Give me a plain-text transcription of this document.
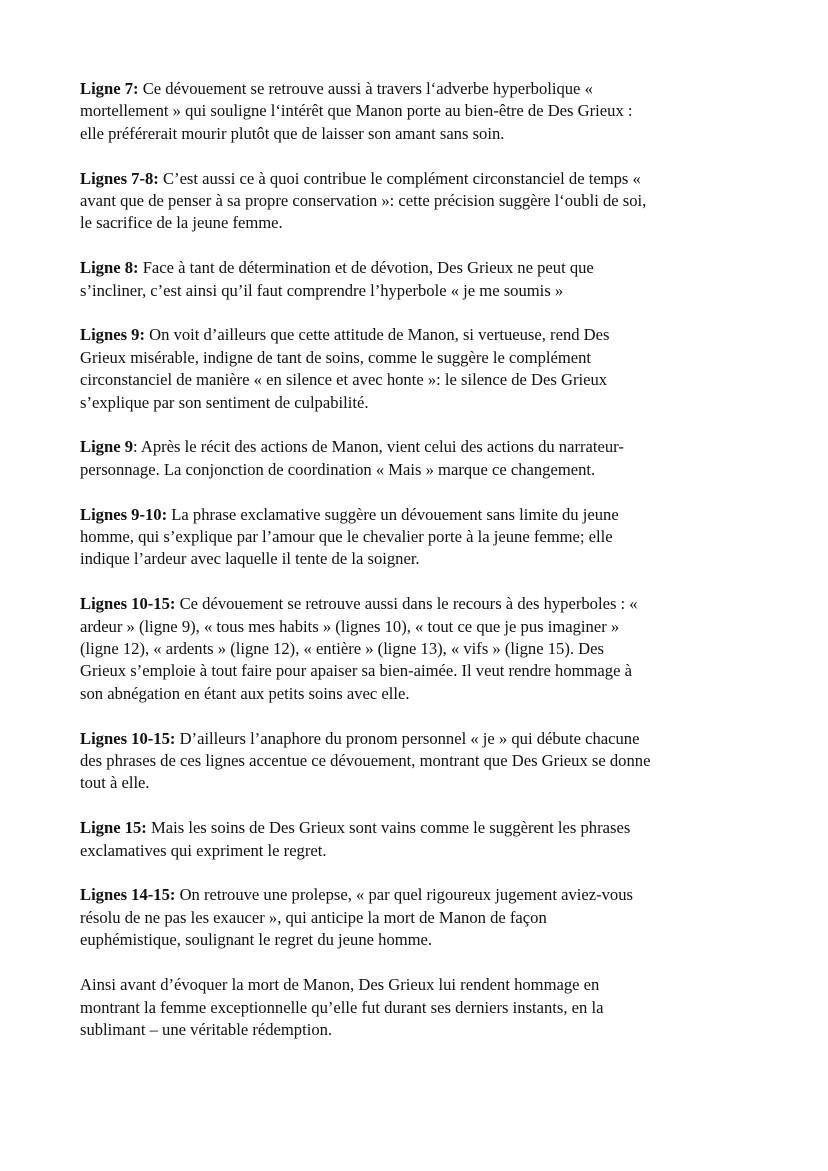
Ligne 7: Ce dévouement se retrouve aussi à travers l‘adverbe hyperbolique «
mortellement » qui souligne l‘intérêt que Manon porte au bien-être de Des Grieux :
elle préférerait mourir plutôt que de laisser son amant sans soin.

Lignes 7-8: C’est aussi ce à quoi contribue le complément circonstanciel de temps «
avant que de penser à sa propre conservation »: cette précision suggère l‘oubli de soi,
le sacrifice de la jeune femme.

Ligne 8: Face à tant de détermination et de dévotion, Des Grieux ne peut que
s’incliner, c’est ainsi qu’il faut comprendre l’hyperbole « je me soumis »

Lignes 9: On voit d’ailleurs que cette attitude de Manon, si vertueuse, rend Des
Grieux misérable, indigne de tant de soins, comme le suggère le complément
circonstanciel de manière « en silence et avec honte »: le silence de Des Grieux
s’explique par son sentiment de culpabilité.

Ligne 9: Après le récit des actions de Manon, vient celui des actions du narrateur-
personnage. La conjonction de coordination « Mais » marque ce changement.

Lignes 9-10: La phrase exclamative suggère un dévouement sans limite du jeune
homme, qui s’explique par l’amour que le chevalier porte à la jeune femme; elle
indique l’ardeur avec laquelle il tente de la soigner.

Lignes 10-15: Ce dévouement se retrouve aussi dans le recours à des hyperboles : «
ardeur » (ligne 9), « tous mes habits » (lignes 10), « tout ce que je pus imaginer »
(ligne 12), « ardents » (ligne 12), « entière » (ligne 13), « vifs » (ligne 15). Des
Grieux s’emploie à tout faire pour apaiser sa bien-aimée. Il veut rendre hommage à
son abnégation en étant aux petits soins avec elle.

Lignes 10-15: D’ailleurs l’anaphore du pronom personnel « je » qui débute chacune
des phrases de ces lignes accentue ce dévouement, montrant que Des Grieux se donne
tout à elle.

Ligne 15: Mais les soins de Des Grieux sont vains comme le suggèrent les phrases
exclamatives qui expriment le regret.

Lignes 14-15: On retrouve une prolepse, « par quel rigoureux jugement aviez-vous
résolu de ne pas les exaucer », qui anticipe la mort de Manon de façon
euphémistique, soulignant le regret du jeune homme.

Ainsi avant d’évoquer la mort de Manon, Des Grieux lui rendent hommage en
montrant la femme exceptionnelle qu’elle fut durant ses derniers instants, en la
sublimant – une véritable rédemption.
